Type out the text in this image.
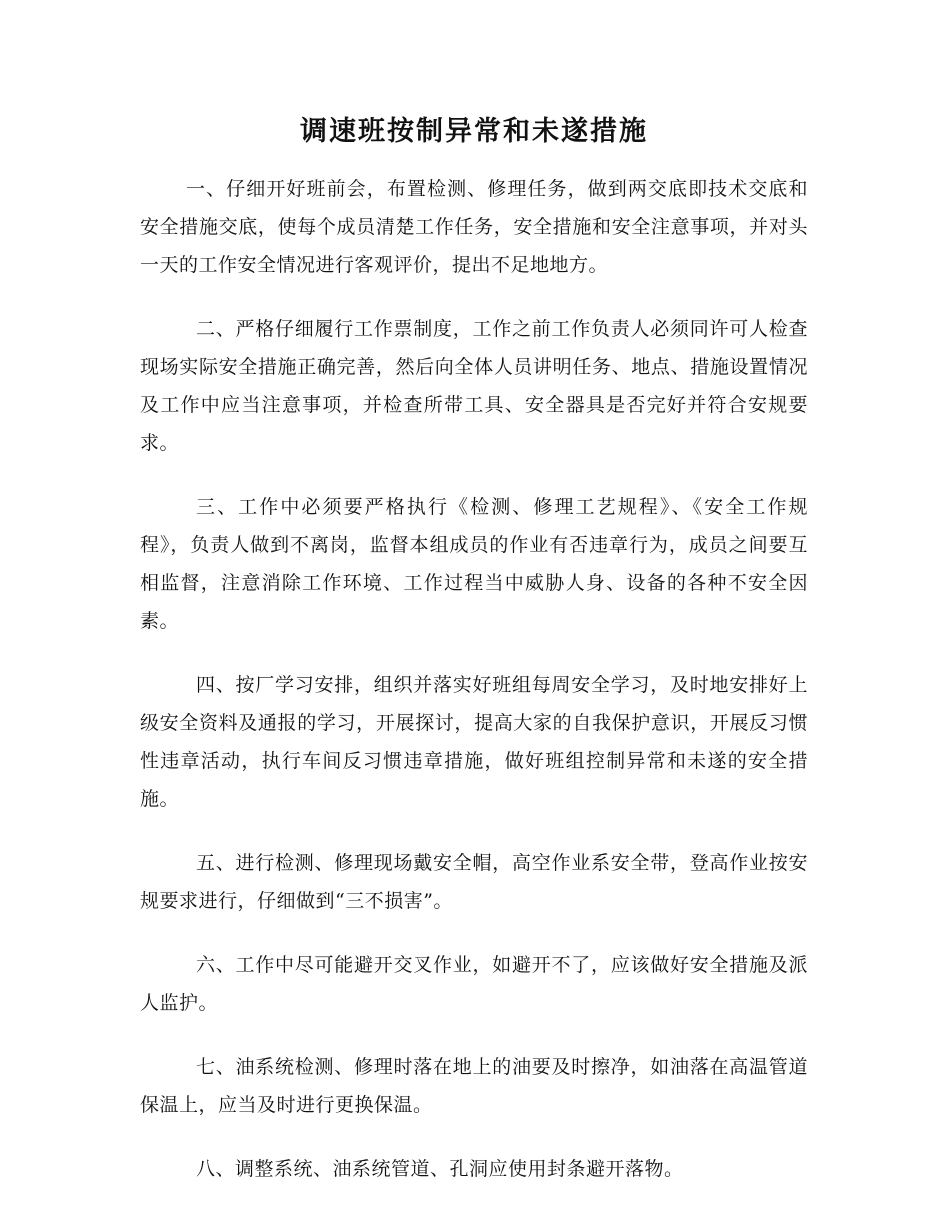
调速班按制异常和未遂措施

一、仔细开好班前会，布置检测、修理任务，做到两交底即技术交底和安全措施交底，使每个成员清楚工作任务，安全措施和安全注意事项，并对头一天的工作安全情况进行客观评价，提出不足地地方。

二、严格仔细履行工作票制度，工作之前工作负责人必须同许可人检查现场实际安全措施正确完善，然后向全体人员讲明任务、地点、措施设置情况及工作中应当注意事项，并检查所带工具、安全器具是否完好并符合安规要求。

三、工作中必须要严格执行《检测、修理工艺规程》、《安全工作规程》，负责人做到不离岗，监督本组成员的作业有否违章行为，成员之间要互相监督，注意消除工作环境、工作过程当中威胁人身、设备的各种不安全因素。

四、按厂学习安排，组织并落实好班组每周安全学习，及时地安排好上级安全资料及通报的学习，开展探讨，提高大家的自我保护意识，开展反习惯性违章活动，执行车间反习惯违章措施，做好班组控制异常和未遂的安全措施。

五、进行检测、修理现场戴安全帽，高空作业系安全带，登高作业按安规要求进行，仔细做到“三不损害”。

六、工作中尽可能避开交叉作业，如避开不了，应该做好安全措施及派人监护。

七、油系统检测、修理时落在地上的油要及时擦净，如油落在高温管道保温上，应当及时进行更换保温。

八、调整系统、油系统管道、孔洞应使用封条避开落物。
